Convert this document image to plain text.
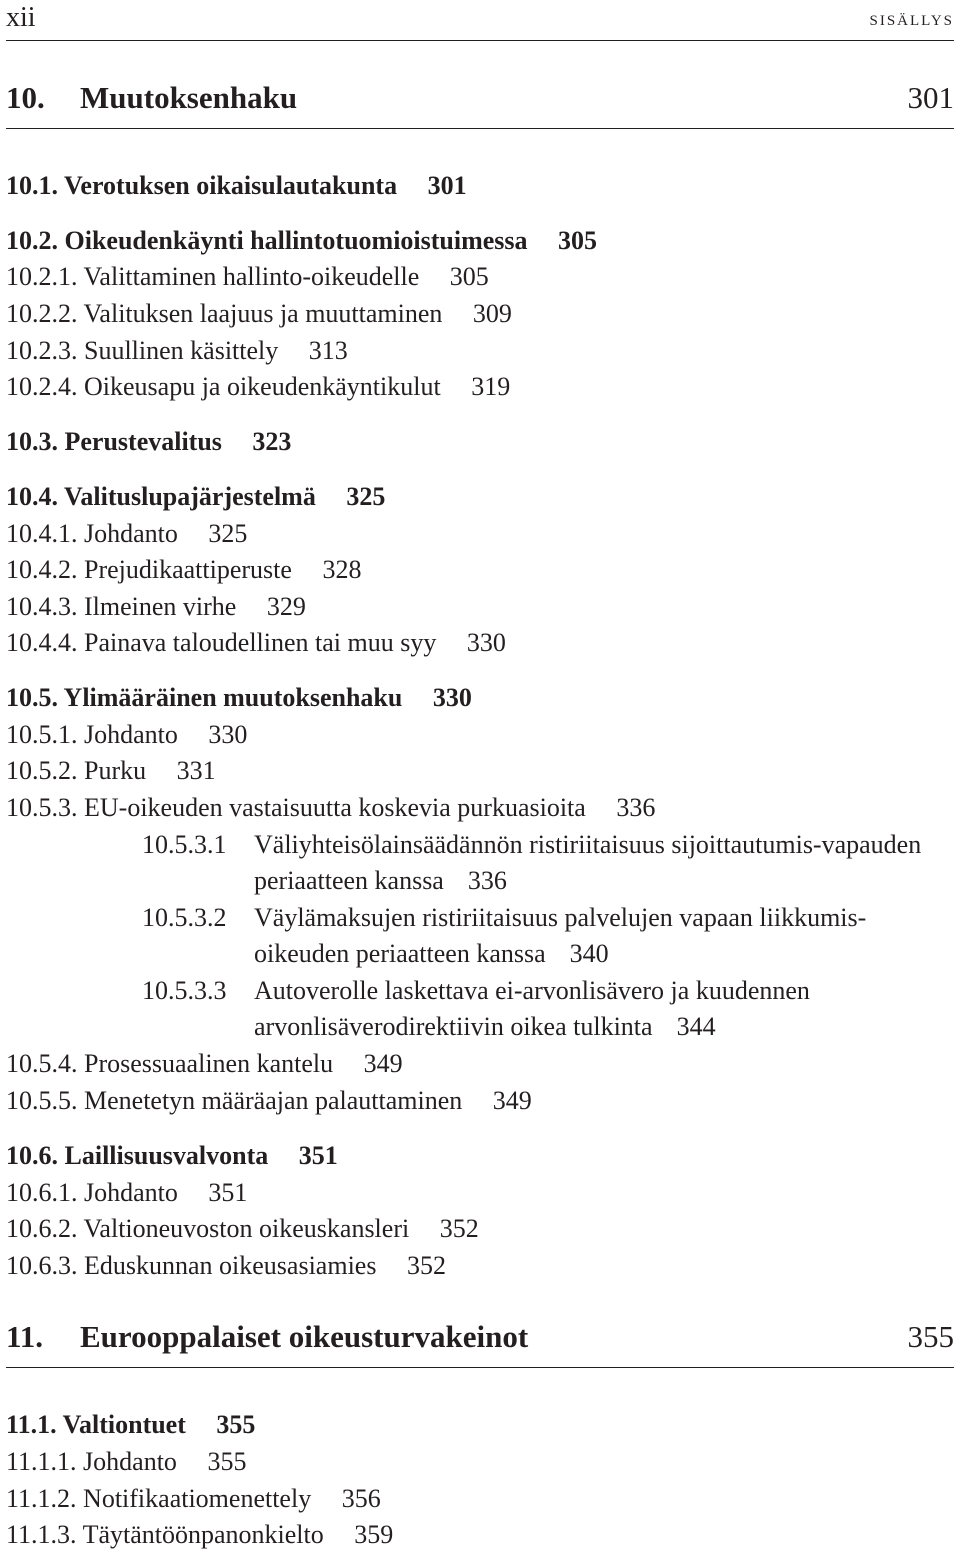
xii	sisällys
10. Muutoksenhaku	301
10.1. Verotuksen oikaisulautakunta 301
10.2. Oikeudenkäynti hallintotuomioistuimessa 305
10.2.1. Valittaminen hallinto-oikeudelle 305
10.2.2. Valituksen laajuus ja muuttaminen 309
10.2.3. Suullinen käsittely 313
10.2.4. Oikeusapu ja oikeudenkäyntikulut 319
10.3. Perustevalitus 323
10.4. Valituslupajärjestelmä 325
10.4.1. Johdanto 325
10.4.2. Prejudikaattiperuste 328
10.4.3. Ilmeinen virhe 329
10.4.4. Painava taloudellinen tai muu syy 330
10.5. Ylimääräinen muutoksenhaku 330
10.5.1. Johdanto 330
10.5.2. Purku 331
10.5.3. EU-oikeuden vastaisuutta koskevia purkuasioita 336
10.5.3.1 Väliyhteisölainsäädännön ristiriitaisuus sijoittautumis-vapauden periaatteen kanssa 336
10.5.3.2 Väylämaksujen ristiriitaisuus palvelujen vapaan liikkumis-oikeuden periaatteen kanssa 340
10.5.3.3 Autoverolle laskettava ei-arvonlisävero ja kuudennen arvonlisäverodirektiivin oikea tulkinta 344
10.5.4. Prosessuaalinen kantelu 349
10.5.5. Menetetyn määräajan palauttaminen 349
10.6. Laillisuusvalvonta 351
10.6.1. Johdanto 351
10.6.2. Valtioneuvoston oikeuskansleri 352
10.6.3. Eduskunnan oikeusasiamies 352
11. Eurooppalaiset oikeusturvakeinot	355
11.1. Valtiontuet 355
11.1.1. Johdanto 355
11.1.2. Notifikaatiomenettely 356
11.1.3. Täytäntöönpanonkielto 359
